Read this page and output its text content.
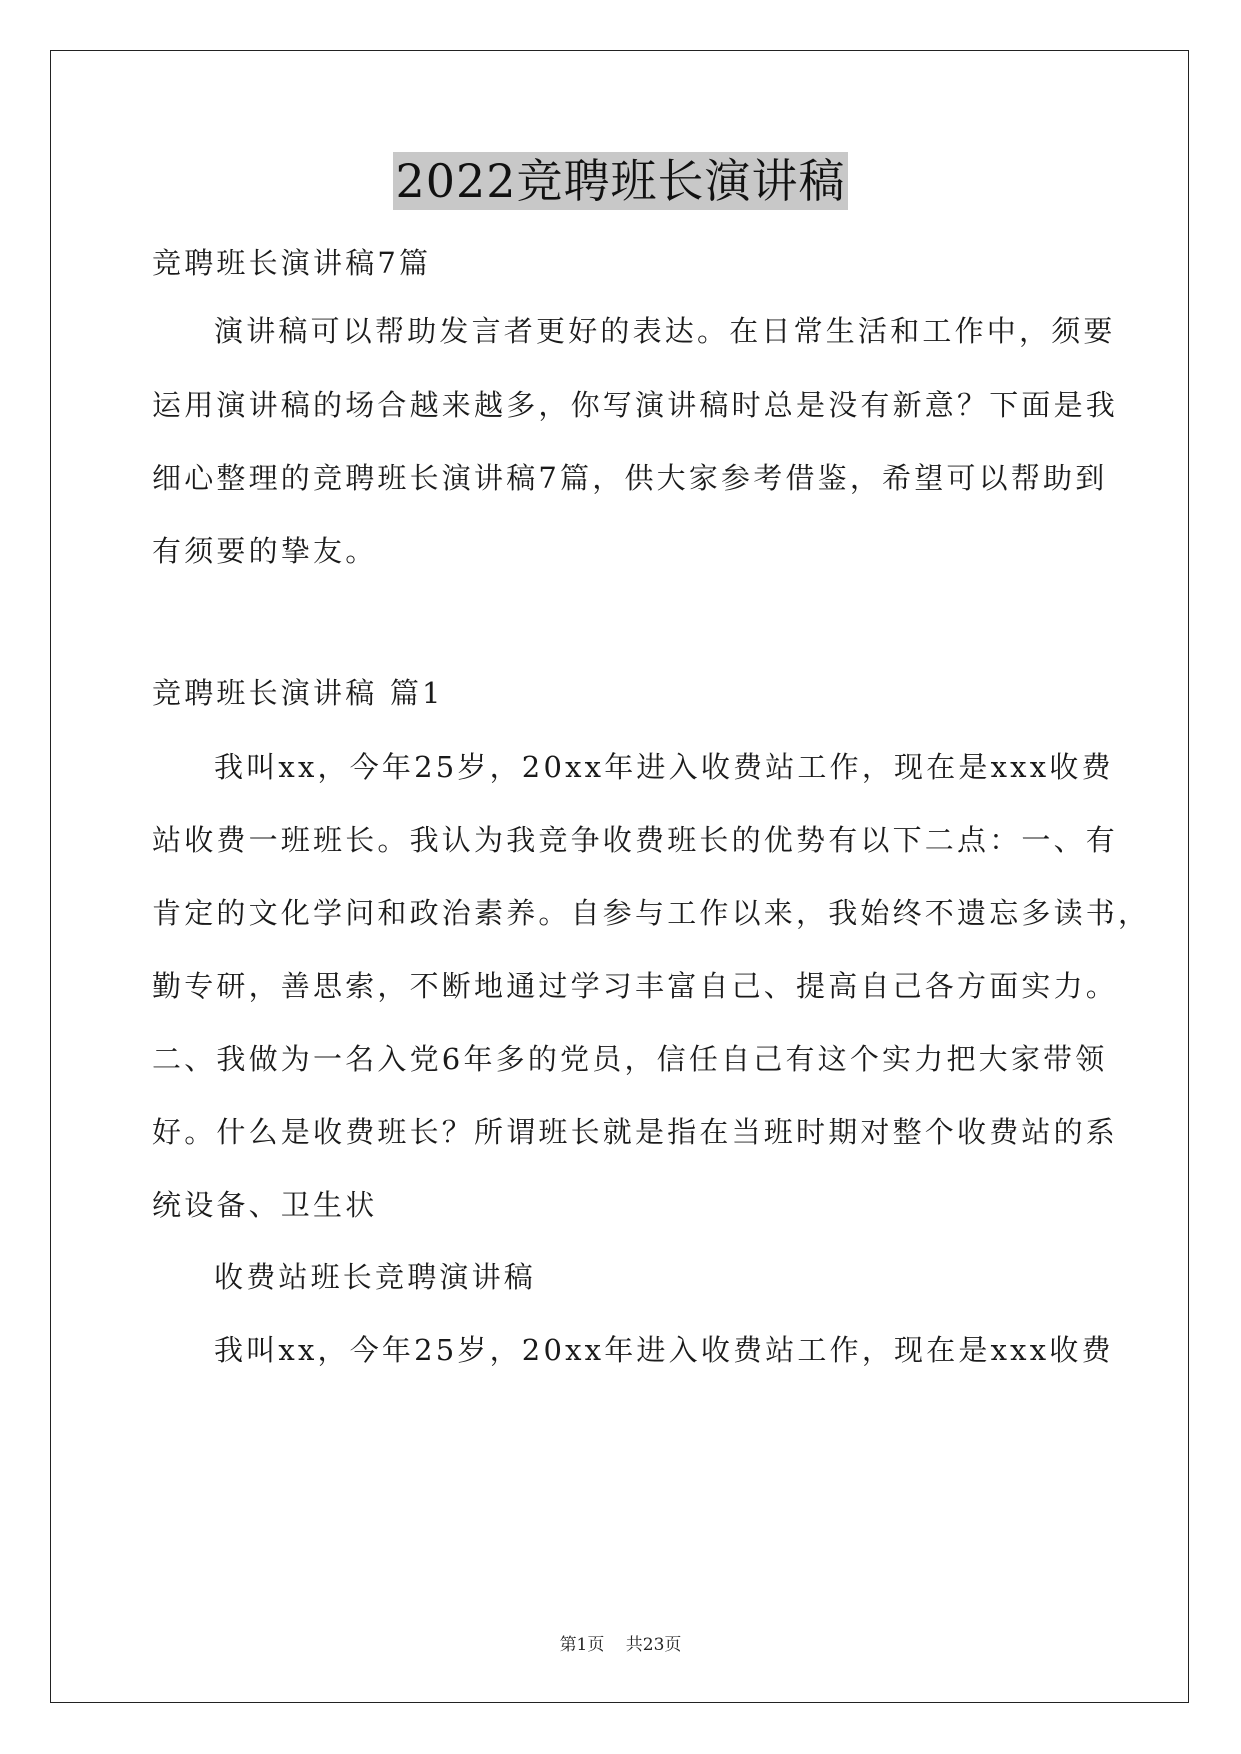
2022竞聘班长演讲稿
竞聘班长演讲稿7篇
演讲稿可以帮助发言者更好的表达。在日常生活和工作中，须要
运用演讲稿的场合越来越多，你写演讲稿时总是没有新意？下面是我
细心整理的竞聘班长演讲稿7篇，供大家参考借鉴，希望可以帮助到
有须要的挚友。
竞聘班长演讲稿 篇1
我叫xx，今年25岁，20xx年进入收费站工作，现在是xxx收费
站收费一班班长。我认为我竞争收费班长的优势有以下二点：一、有
肯定的文化学问和政治素养。自参与工作以来，我始终不遗忘多读书，
勤专研，善思索，不断地通过学习丰富自己、提高自己各方面实力。
二、我做为一名入党6年多的党员，信任自己有这个实力把大家带领
好。什么是收费班长？所谓班长就是指在当班时期对整个收费站的系
统设备、卫生状
收费站班长竞聘演讲稿
我叫xx，今年25岁，20xx年进入收费站工作，现在是xxx收费
第1页 共23页
